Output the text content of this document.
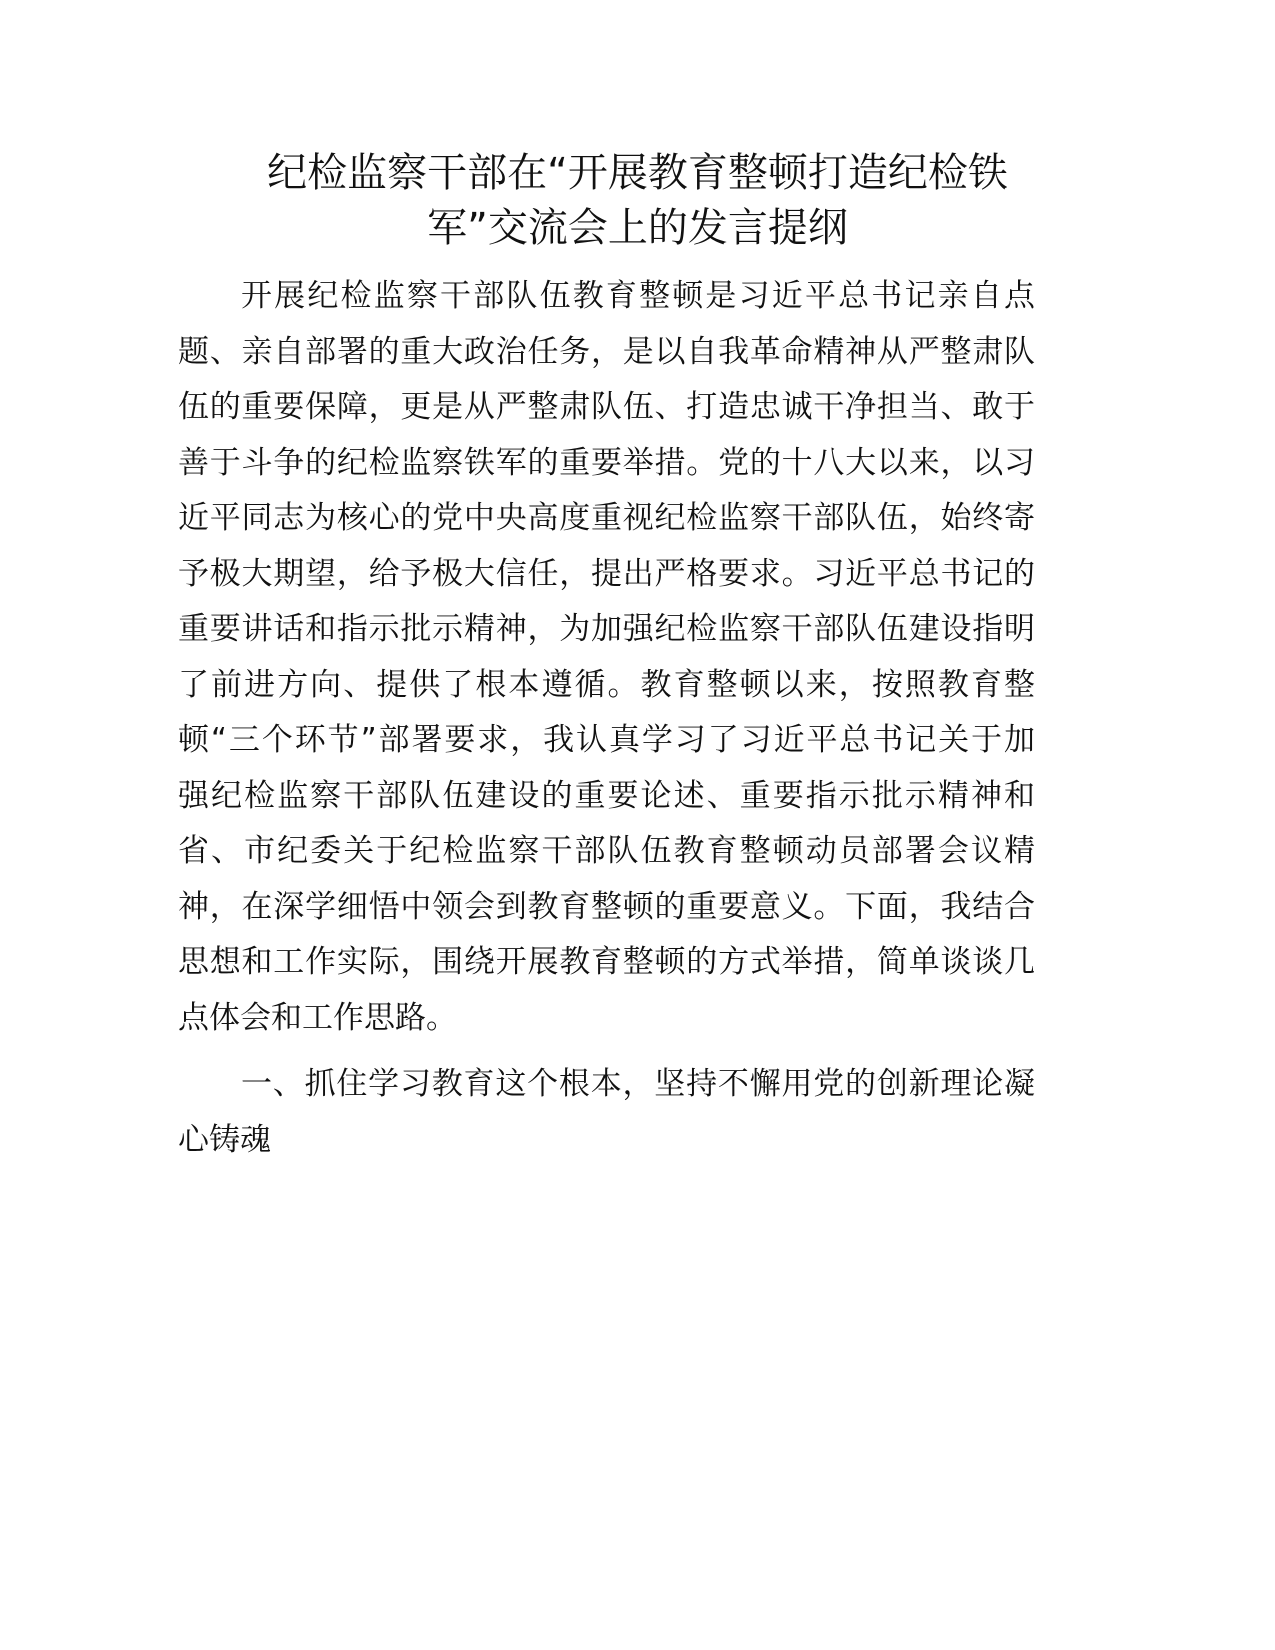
纪检监察干部在“开展教育整顿打造纪检铁
军”交流会上的发言提纲
开展纪检监察干部队伍教育整顿是习近平总书记亲自点
题、亲自部署的重大政治任务，是以自我革命精神从严整肃队
伍的重要保障，更是从严整肃队伍、打造忠诚干净担当、敢于
善于斗争的纪检监察铁军的重要举措。党的十八大以来，以习
近平同志为核心的党中央高度重视纪检监察干部队伍，始终寄
予极大期望，给予极大信任，提出严格要求。习近平总书记的
重要讲话和指示批示精神，为加强纪检监察干部队伍建设指明
了前进方向、提供了根本遵循。教育整顿以来，按照教育整
顿“三个环节”部署要求，我认真学习了习近平总书记关于加
强纪检监察干部队伍建设的重要论述、重要指示批示精神和
省、市纪委关于纪检监察干部队伍教育整顿动员部署会议精
神，在深学细悟中领会到教育整顿的重要意义。下面，我结合
思想和工作实际，围绕开展教育整顿的方式举措，简单谈谈几
点体会和工作思路。
一、抓住学习教育这个根本，坚持不懈用党的创新理论凝
心铸魂
